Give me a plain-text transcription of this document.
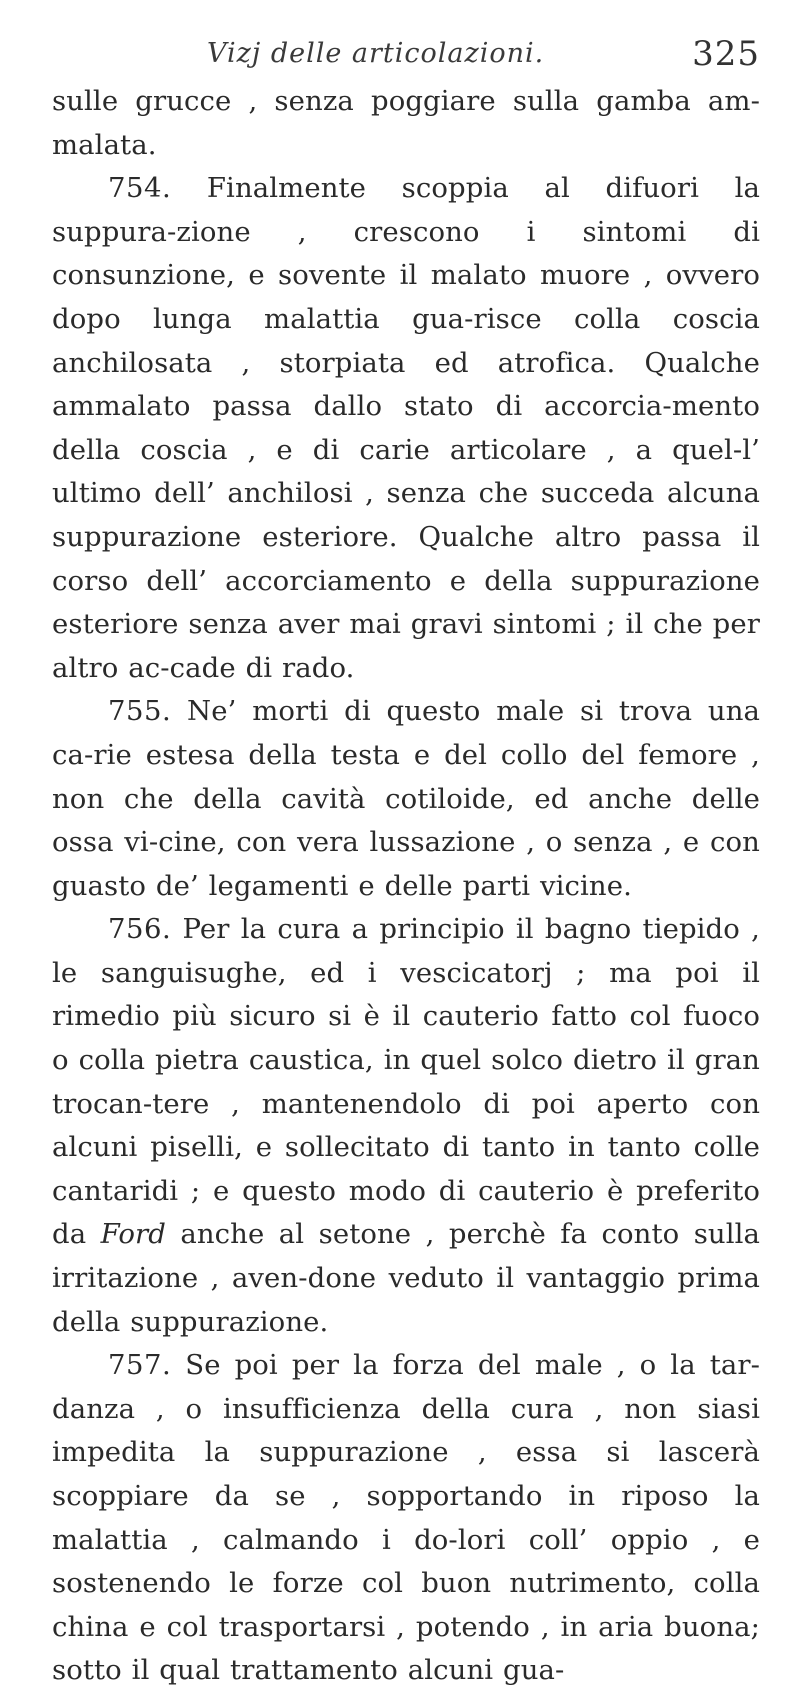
Vizj delle articolazioni.	325

sulle grucce , senza poggiare sulla gamba am-malata.

754. Finalmente scoppia al difuori la suppura-zione , crescono i sintomi di consunzione, e sovente il malato muore , ovvero dopo lunga malattia gua-risce colla coscia anchilosata , storpiata ed atrofica. Qualche ammalato passa dallo stato di accorcia-mento della coscia , e di carie articolare , a quel-l’ ultimo dell’ anchilosi , senza che succeda alcuna suppurazione esteriore. Qualche altro passa il corso dell’ accorciamento e della suppurazione esteriore senza aver mai gravi sintomi ; il che per altro ac-cade di rado.

755. Ne’ morti di questo male si trova una ca-rie estesa della testa e del collo del femore , non che della cavità cotiloide, ed anche delle ossa vi-cine, con vera lussazione , o senza , e con guasto de’ legamenti e delle parti vicine.

756. Per la cura a principio il bagno tiepido , le sanguisughe, ed i vescicatorj ; ma poi il rimedio più sicuro si è il cauterio fatto col fuoco o colla pietra caustica, in quel solco dietro il gran trocan-tere , mantenendolo di poi aperto con alcuni piselli, e sollecitato di tanto in tanto colle cantaridi ; e questo modo di cauterio è preferito da Ford anche al setone , perchè fa conto sulla irritazione , aven-done veduto il vantaggio prima della suppurazione.

757. Se poi per la forza del male , o la tar-danza , o insufficienza della cura , non siasi impedita la suppurazione , essa si lascerà scoppiare da se , sopportando in riposo la malattia , calmando i do-lori coll’ oppio , e sostenendo le forze col buon nutrimento, colla china e col trasportarsi , potendo , in aria buona; sotto il qual trattamento alcuni gua-
